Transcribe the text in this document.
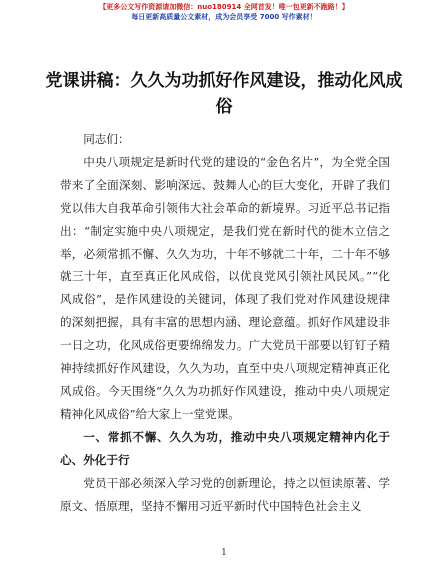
【更多公文写作资源请加微信：nuo180914 全网首发！唯一包更新不跑路！】
每日更新高质量公文素材，成为会员享受 7000 写作素材！
党课讲稿：久久为功抓好作风建设，推动化风成俗

同志们：

中央八项规定是新时代党的建设的“金色名片”，为全党全国带来了全面深刻、影响深远、鼓舞人心的巨大变化，开辟了我们党以伟大自我革命引领伟大社会革命的新境界。习近平总书记指出：“制定实施中央八项规定，是我们党在新时代的徙木立信之举，必须常抓不懈、久久为功，十年不够就二十年，二十年不够就三十年，直至真正化风成俗，以优良党风引领社风民风。”“化风成俗”，是作风建设的关键词，体现了我们党对作风建设规律的深刻把握，具有丰富的思想内涵、理论意蕴。抓好作风建设非一日之功，化风成俗更要绵绵发力。广大党员干部要以钉钉子精神持续抓好作风建设，久久为功，直至中央八项规定精神真正化风成俗。今天围绕“久久为功抓好作风建设，推动中央八项规定精神化风成俗”给大家上一堂党课。

一、常抓不懈、久久为功，推动中央八项规定精神内化于心、外化于行

党员干部必须深入学习党的创新理论，持之以恒读原著、学原文、悟原理，坚持不懈用习近平新时代中国特色社会主义

1
